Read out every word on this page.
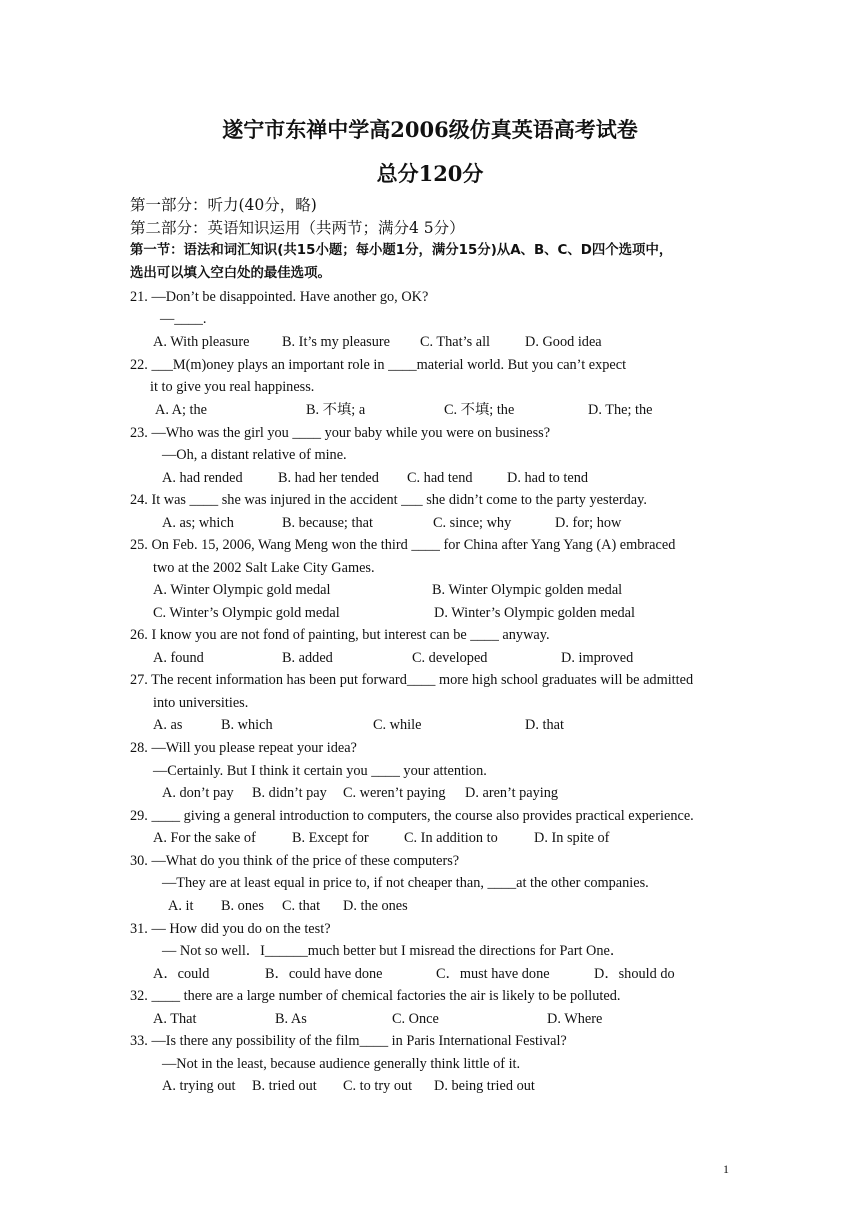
遂宁市东禅中学高2006级仿真英语高考试卷
总分120分
第一部分：听力(40分，略)
第二部分：英语知识运用（共两节；满分4 5分）
第一节：语法和词汇知识(共15小题；每小题1分，满分15分)从A、B、C、D四个选项中，
选出可以填入空白处的最佳选项。
21. —Don’t be disappointed. Have another go, OK?
—____.
A. With pleasure B. It’s my pleasure C. That’s all D. Good idea
22. ___M(m)oney plays an important role in ____material world. But you can’t expect
it to give you real happiness.
A. A; the	B. 不填; a	C. 不填; the	D. The; the
23. —Who was the girl you ____ your baby while you were on business?
—Oh, a distant relative of mine.
A. had rended B. had her tended C. had tend D. had to tend
24. It was ____ she was injured in the accident ___ she didn’t come to the party yesterday.
A. as; which	B. because; that	C. since; why	D. for; how
25. On Feb. 15, 2006, Wang Meng won the third ____ for China after Yang Yang (A) embraced
two at the 2002 Salt Lake City Games.
A. Winter Olympic gold medal	B. Winter Olympic golden medal
C. Winter’s Olympic gold medal	D. Winter’s Olympic golden medal
26. I know you are not fond of painting, but interest can be ____ anyway.
A. found	B. added	C. developed	D. improved
27. The recent information has been put forward____ more high school graduates will be admitted
into universities.
A. as	B. which	C. while	D. that
28. —Will you please repeat your idea?
—Certainly. But I think it certain you ____ your attention.
A. don’t pay B. didn’t pay C. weren’t paying D. aren’t paying
29. ____ giving a general introduction to computers, the course also provides practical experience.
A. For the sake of	B. Except for C. In addition to	D. In spite of
30. —What do you think of the price of these computers?
—They are at least equal in price to, if not cheaper than, ____at the other companies.
A. it B. ones C. that D. the ones
31. — How did you do on the test?
— Not so well．I______much better but I misread the directions for Part One．
A．could	B．could have done	C．must have done	D．should do
32. ____ there are a large number of chemical factories the air is likely to be polluted.
A. That	B. As	C. Once	D. Where
33. —Is there any possibility of the film____ in Paris International Festival?
—Not in the least, because audience generally think little of it.
A. trying out B. tried out C. to try out D. being tried out
1
